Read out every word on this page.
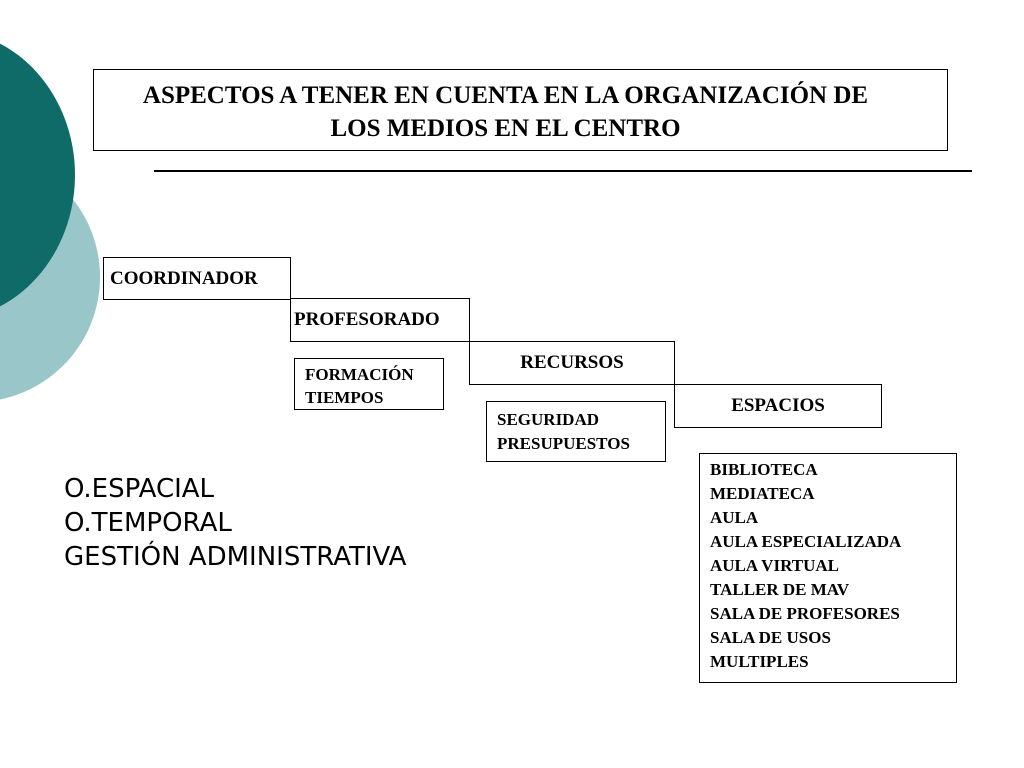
ASPECTOS A TENER EN CUENTA EN LA ORGANIZACIÓN DE
LOS MEDIOS EN EL CENTRO
COORDINADOR
PROFESORADO
RECURSOS
ESPACIOS
FORMACIÓN
TIEMPOS
SEGURIDAD
PRESUPUESTOS
BIBLIOTECA
MEDIATECA
AULA
AULA ESPECIALIZADA
AULA VIRTUAL
TALLER DE MAV
SALA DE PROFESORES
SALA DE USOS
MULTIPLES
O.ESPACIAL
O.TEMPORAL
GESTIÓN ADMINISTRATIVA
